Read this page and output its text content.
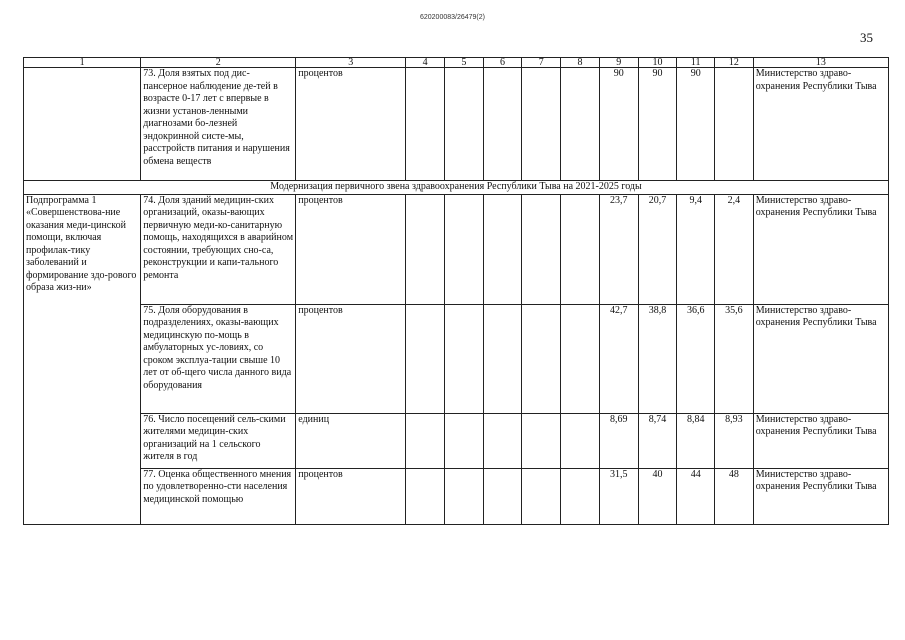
620200083/26479(2)
35
1	2	3	4	5	6	7	8	9	10	11	12	13
	73. Доля взятых под дис-пансерное наблюдение де-тей в возрасте 0-17 лет с впервые в жизни установ-ленными диагнозами бо-лезней эндокринной систе-мы, расстройств питания и нарушения обмена веществ	процентов						90	90	90		Министерство здраво-охранения Республики Тыва
Модернизация первичного звена здравоохранения Республики Тыва на 2021-2025 годы												
Подпрограмма 1 «Совершенствова-ние оказания меди-цинской помощи, включая профилак-тику заболеваний и формирование здо-рового образа жиз-ни»	74. Доля зданий медицин-ских организаций, оказы-вающих первичную меди-ко-санитарную помощь, находящихся в аварийном состоянии, требующих сно-са, реконструкции и капи-тального ремонта	процентов						23,7	20,7	9,4	2,4	Министерство здраво-охранения Республики Тыва
	75. Доля оборудования в подразделениях, оказы-вающих медицинскую по-мощь в амбулаторных ус-ловиях, со сроком эксплуа-тации свыше 10 лет от об-щего числа данного вида оборудования	процентов						42,7	38,8	36,6	35,6	Министерство здраво-охранения Республики Тыва
	76. Число посещений сель-скими жителями медицин-ских организаций на 1 сельского жителя в год	единиц						8,69	8,74	8,84	8,93	Министерство здраво-охранения Республики Тыва
	77. Оценка общественного мнения по удовлетворенно-сти населения медицинской помощью	процентов						31,5	40	44	48	Министерство здраво-охранения Республики Тыва
